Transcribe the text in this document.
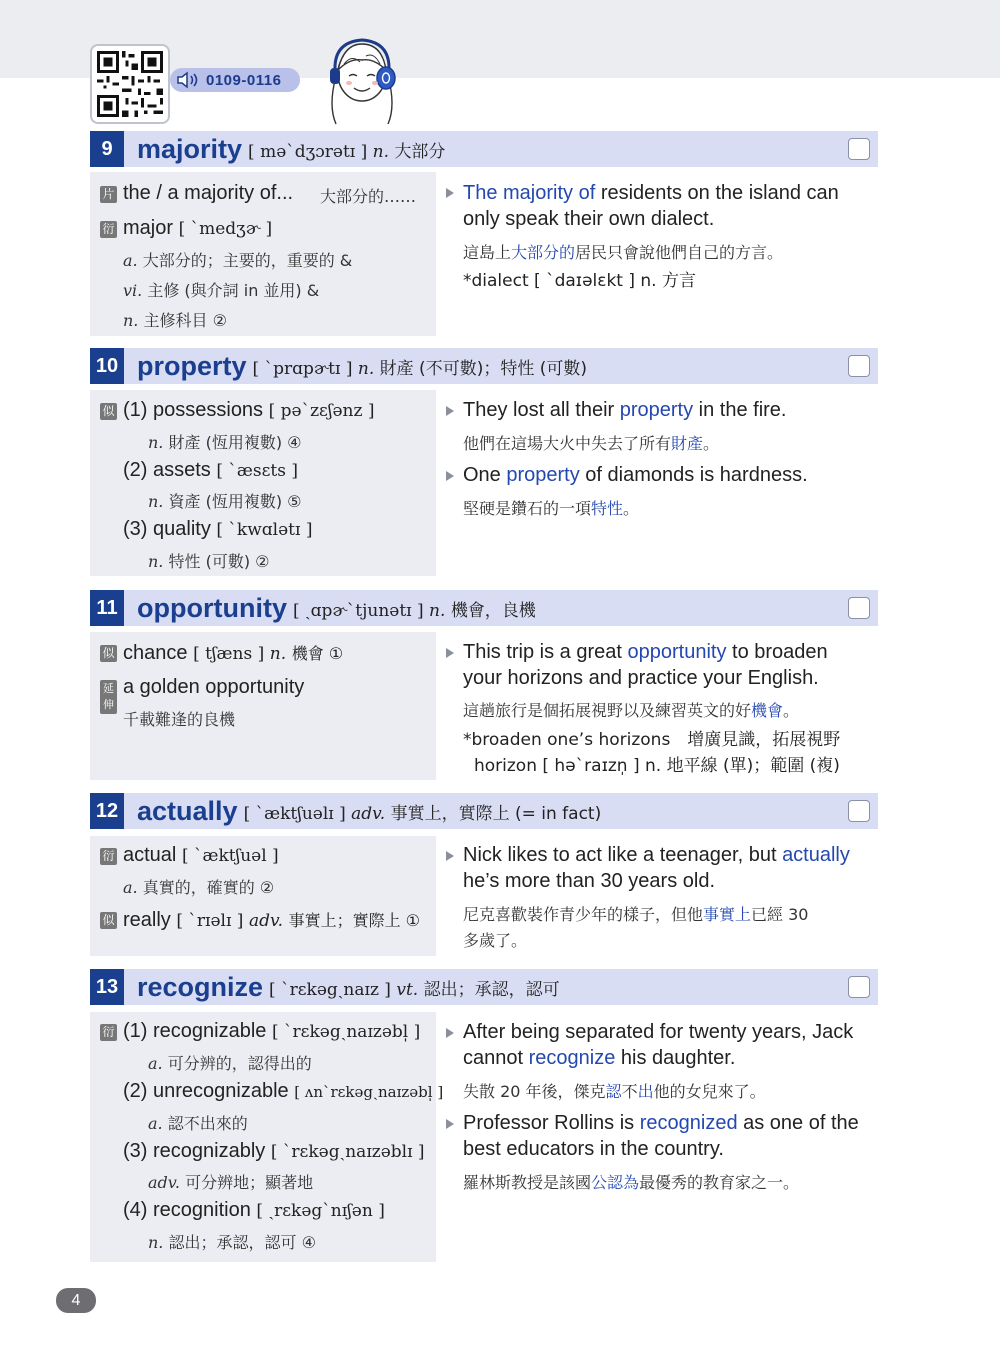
0109-0116
9 majority [ mə`dʒɔrətɪ ] n. 大部分
片 the / a majority of... 大部分的……
衍 major [ `medʒɚ ]
a. 大部分的；主要的，重要的 &
vi. 主修 (與介詞 in 並用) &
n. 主修科目 ②
The majority of residents on the island can
only speak their own dialect.
這島上大部分的居民只會說他們自己的方言。
*dialect [ `daɪəlɛkt ] n. 方言
10 property [ `prɑpɚtɪ ] n. 財產 (不可數)；特性 (可數)
似 (1) possessions [ pə`zɛʃənz ]
n. 財產 (恆用複數) ④
(2) assets [ `æsɛts ]
n. 資產 (恆用複數) ⑤
(3) quality [ `kwɑlətɪ ]
n. 特性 (可數) ②
They lost all their property in the fire.
他們在這場大火中失去了所有財產。
One property of diamonds is hardness.
堅硬是鑽石的一項特性。
11 opportunity [ ˏɑpɚ`tjunətɪ ] n. 機會，良機
似 chance [ tʃæns ] n. 機會 ①
延伸
a golden opportunity
千載難逢的良機
This trip is a great opportunity to broaden
your horizons and practice your English.
這趟旅行是個拓展視野以及練習英文的好機會。
*broaden one’s horizons　增廣見識，拓展視野
horizon [ hə`raɪzn̩ ] n. 地平線 (單)；範圍 (複)
12 actually [ `æktʃuəlɪ ] adv. 事實上，實際上 (= in fact)
衍 actual [ `æktʃuəl ]
a. 真實的，確實的 ②
似 really [ `rɪəlɪ ] adv. 事實上；實際上 ①
Nick likes to act like a teenager, but actually
he’s more than 30 years old.
尼克喜歡裝作青少年的樣子，但他事實上已經 30
多歲了。
13 recognize [ `rɛkəgˏnaɪz ] vt. 認出；承認，認可
衍 (1) recognizable [ `rɛkəgˏnaɪzəbl̩ ]
a. 可分辨的，認得出的
(2) unrecognizable [ ʌn`rɛkəgˏnaɪzəbl̩ ]
a. 認不出來的
(3) recognizably [ `rɛkəgˏnaɪzəblɪ ]
adv. 可分辨地；顯著地
(4) recognition [ ˏrɛkəg`nɪʃən ]
n. 認出；承認，認可 ④
After being separated for twenty years, Jack
cannot recognize his daughter.
失散 20 年後，傑克認不出他的女兒來了。
Professor Rollins is recognized as one of the
best educators in the country.
羅林斯教授是該國公認為最優秀的教育家之一。
4
